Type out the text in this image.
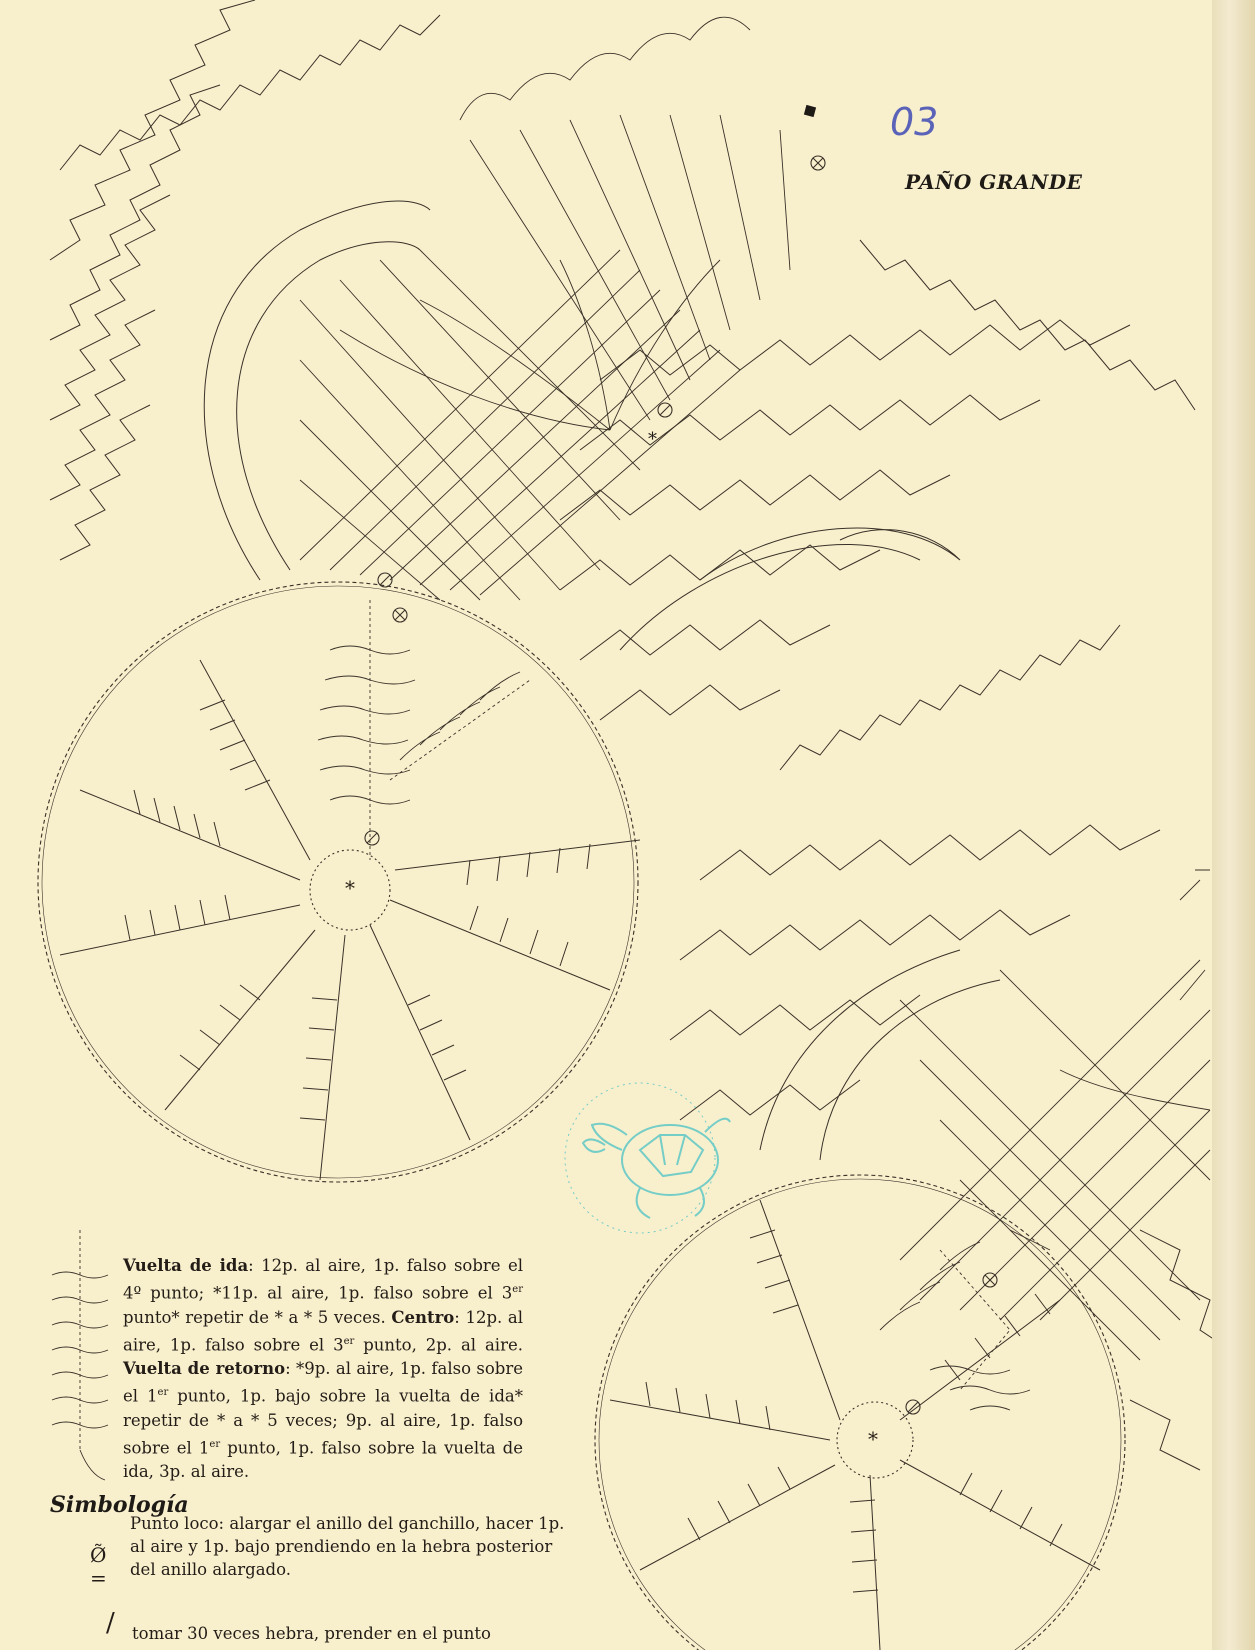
*
*
*
03
PAÑO GRANDE
Vuelta de ida: 12p. al aire, 1p. falso sobre el 4º punto; *11p. al aire, 1p. falso sobre el 3er punto* repetir de * a * 5 veces. Centro: 12p. al aire, 1p. falso sobre el 3er punto, 2p. al aire. Vuelta de retorno: *9p. al aire, 1p. falso sobre el 1er punto, 1p. bajo sobre la vuelta de ida* repetir de * a * 5 veces; 9p. al aire, 1p. falso sobre el 1er punto, 1p. falso sobre la vuelta de ida, 3p. al aire.
Simbología
Ø̃ =
Punto loco: alargar el anillo del ganchillo, hacer 1p. al aire y 1p. bajo prendiendo en la hebra posterior del anillo alargado.
/ tomar 30 veces hebra, prender en el punto
